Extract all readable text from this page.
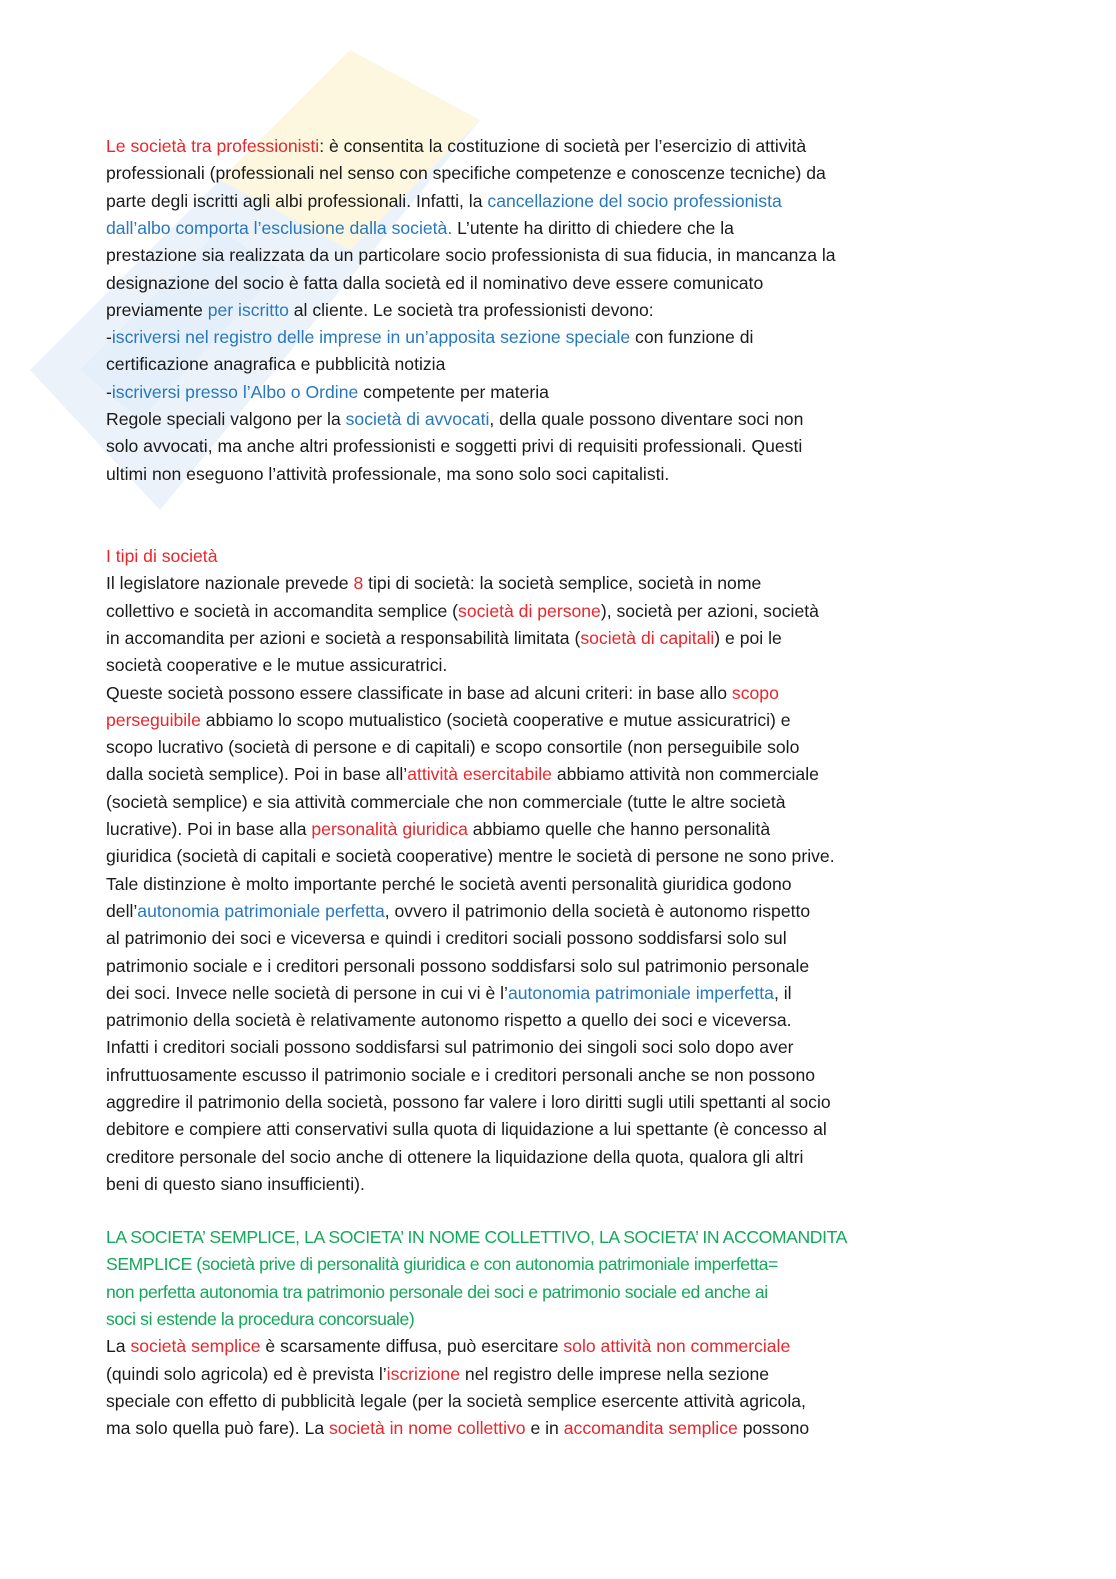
Le società tra professionisti: è consentita la costituzione di società per l’esercizio di attività
professionali (professionali nel senso con specifiche competenze e conoscenze tecniche) da
parte degli iscritti agli albi professionali. Infatti, la cancellazione del socio professionista
dall’albo comporta l’esclusione dalla società. L’utente ha diritto di chiedere che la
prestazione sia realizzata da un particolare socio professionista di sua fiducia, in mancanza la
designazione del socio è fatta dalla società ed il nominativo deve essere comunicato
previamente per iscritto al cliente. Le società tra professionisti devono:
-iscriversi nel registro delle imprese in un’apposita sezione speciale con funzione di
certificazione anagrafica e pubblicità notizia
-iscriversi presso l’Albo o Ordine competente per materia
Regole speciali valgono per la società di avvocati, della quale possono diventare soci non
solo avvocati, ma anche altri professionisti e soggetti privi di requisiti professionali. Questi
ultimi non eseguono l’attività professionale, ma sono solo soci capitalisti.
I tipi di società
Il legislatore nazionale prevede 8 tipi di società: la società semplice, società in nome
collettivo e società in accomandita semplice (società di persone), società per azioni, società
in accomandita per azioni e società a responsabilità limitata (società di capitali) e poi le
società cooperative e le mutue assicuratrici.
Queste società possono essere classificate in base ad alcuni criteri: in base allo scopo
perseguibile abbiamo lo scopo mutualistico (società cooperative e mutue assicuratrici) e
scopo lucrativo (società di persone e di capitali) e scopo consortile (non perseguibile solo
dalla società semplice). Poi in base all’attività esercitabile abbiamo attività non commerciale
(società semplice) e sia attività commerciale che non commerciale (tutte le altre società
lucrative). Poi in base alla personalità giuridica abbiamo quelle che hanno personalità
giuridica (società di capitali e società cooperative) mentre le società di persone ne sono prive.
Tale distinzione è molto importante perché le società aventi personalità giuridica godono
dell’autonomia patrimoniale perfetta, ovvero il patrimonio della società è autonomo rispetto
al patrimonio dei soci e viceversa e quindi i creditori sociali possono soddisfarsi solo sul
patrimonio sociale e i creditori personali possono soddisfarsi solo sul patrimonio personale
dei soci. Invece nelle società di persone in cui vi è l’autonomia patrimoniale imperfetta, il
patrimonio della società è relativamente autonomo rispetto a quello dei soci e viceversa.
Infatti i creditori sociali possono soddisfarsi sul patrimonio dei singoli soci solo dopo aver
infruttuosamente escusso il patrimonio sociale e i creditori personali anche se non possono
aggredire il patrimonio della società, possono far valere i loro diritti sugli utili spettanti al socio
debitore e compiere atti conservativi sulla quota di liquidazione a lui spettante (è concesso al
creditore personale del socio anche di ottenere la liquidazione della quota, qualora gli altri
beni di questo siano insufficienti).
LA SOCIETA’ SEMPLICE, LA SOCIETA’ IN NOME COLLETTIVO, LA SOCIETA’ IN ACCOMANDITA
SEMPLICE (società prive di personalità giuridica e con autonomia patrimoniale imperfetta=
non perfetta autonomia tra patrimonio personale dei soci e patrimonio sociale ed anche ai
soci si estende la procedura concorsuale)
La società semplice è scarsamente diffusa, può esercitare solo attività non commerciale
(quindi solo agricola) ed è prevista l’iscrizione nel registro delle imprese nella sezione
speciale con effetto di pubblicità legale (per la società semplice esercente attività agricola,
ma solo quella può fare). La società in nome collettivo e in accomandita semplice possono
